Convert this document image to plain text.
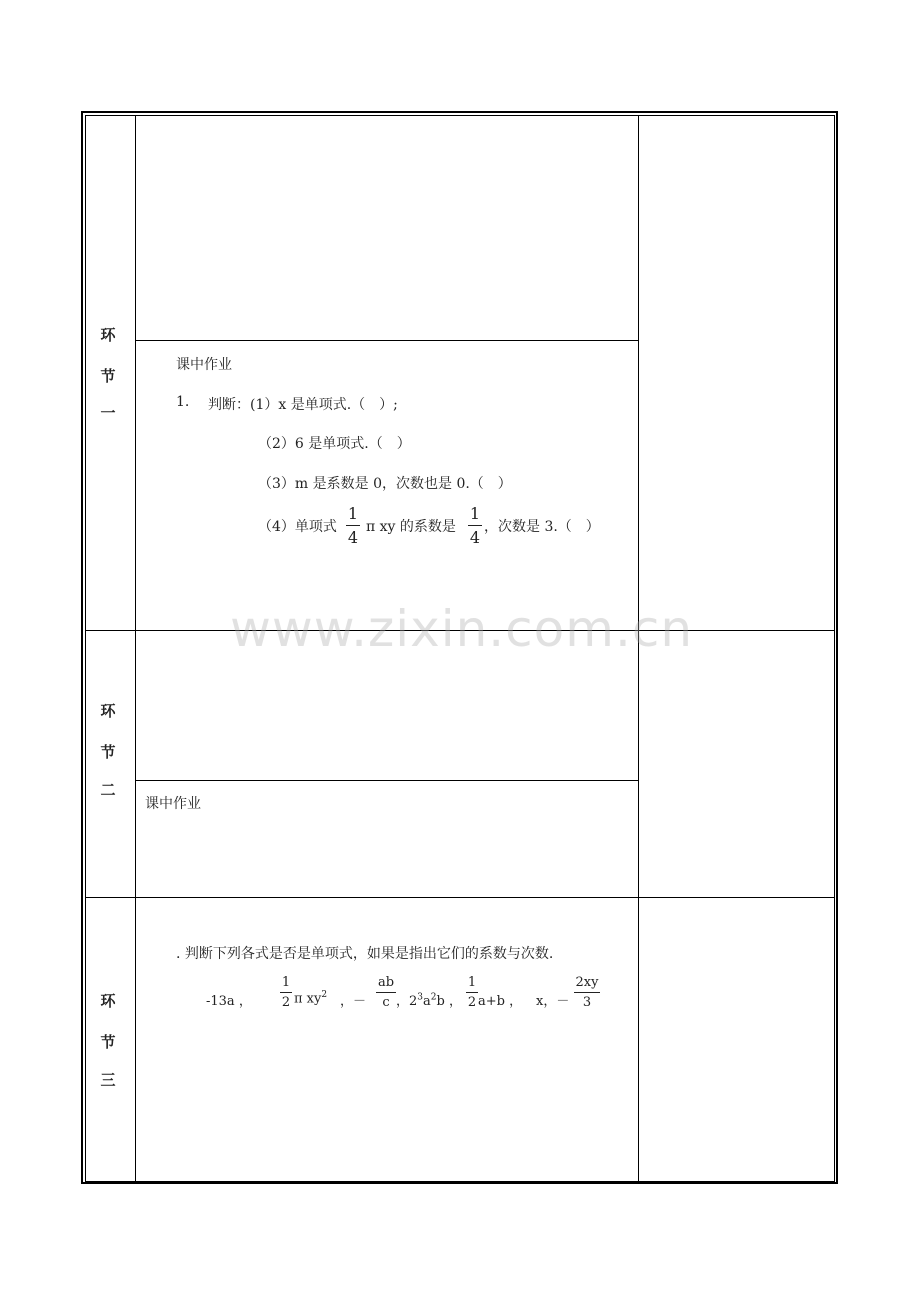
环
节
一
环
节
二
环
节
三
课中作业
1. 判断：(1）x 是单项式.（　）;
（2）6 是单项式.（　）
（3）m 是系数是 0，次数也是 0.（　）
（4）单项式
1
4
π xy 的系数是
1
4
，次数是 3.（　）
课中作业
. 判断下列各式是否是单项式，如果是指出它们的系数与次数.
-13a ，
1
2 π $xy^2$ ，－
ab
c ，$2^3a^2b$ ，
1
2 a+b ， x，－
2xy
3
www.zixin.com.cn
